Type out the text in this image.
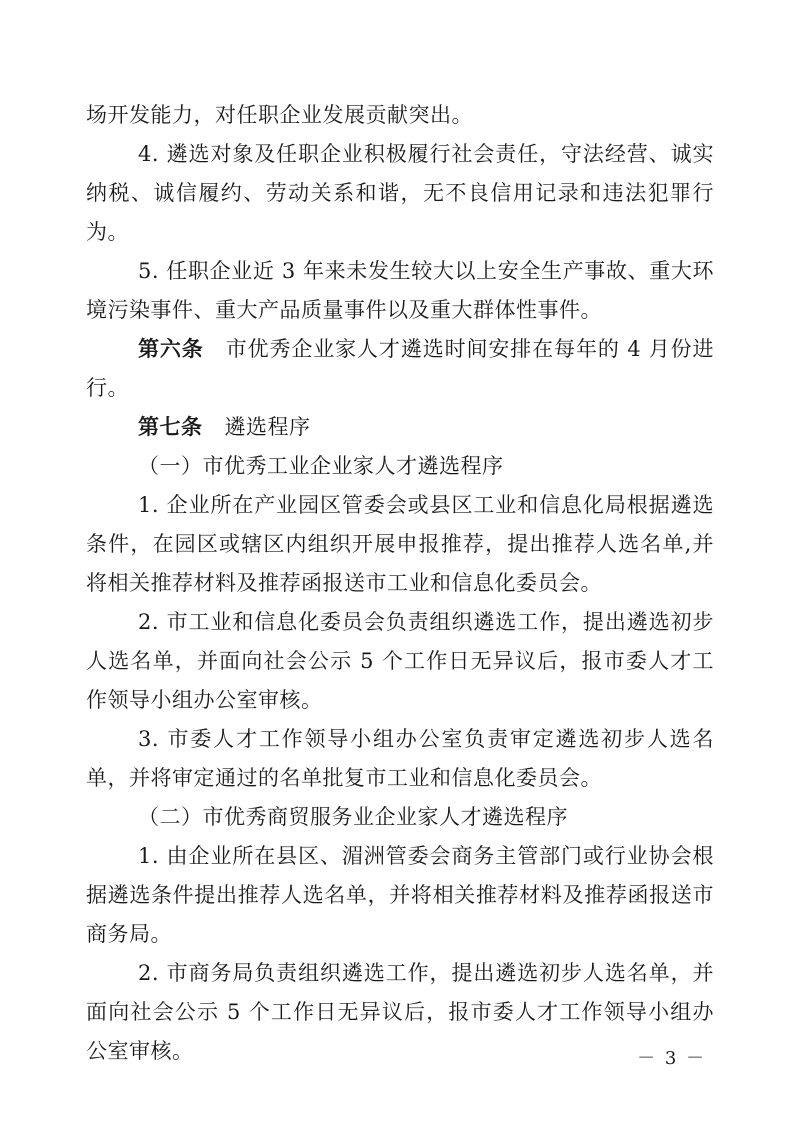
场开发能力，对任职企业发展贡献突出。

4. 遴选对象及任职企业积极履行社会责任，守法经营、诚实纳税、诚信履约、劳动关系和谐，无不良信用记录和违法犯罪行为。

5. 任职企业近 3 年来未发生较大以上安全生产事故、重大环境污染事件、重大产品质量事件以及重大群体性事件。

第六条 市优秀企业家人才遴选时间安排在每年的 4 月份进行。

第七条 遴选程序

（一）市优秀工业企业家人才遴选程序

1. 企业所在产业园区管委会或县区工业和信息化局根据遴选条件，在园区或辖区内组织开展申报推荐，提出推荐人选名单,并将相关推荐材料及推荐函报送市工业和信息化委员会。

2. 市工业和信息化委员会负责组织遴选工作，提出遴选初步人选名单，并面向社会公示 5 个工作日无异议后，报市委人才工作领导小组办公室审核。

3. 市委人才工作领导小组办公室负责审定遴选初步人选名单，并将审定通过的名单批复市工业和信息化委员会。

（二）市优秀商贸服务业企业家人才遴选程序

1. 由企业所在县区、湄洲管委会商务主管部门或行业协会根据遴选条件提出推荐人选名单，并将相关推荐材料及推荐函报送市商务局。

2. 市商务局负责组织遴选工作，提出遴选初步人选名单，并面向社会公示 5 个工作日无异议后，报市委人才工作领导小组办公室审核。	－ 3 －
